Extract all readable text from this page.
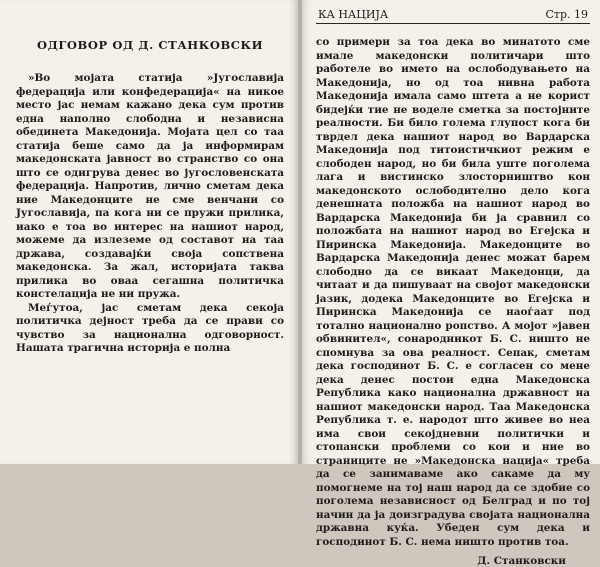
ОДГОВОР ОД Д. СТАНКОВСКИ

»Во мојата статија »Југославија федерација или конфедерација« на никое место јас немам кажано дека сум против една наполно слободна и независна обединета Македонија. Мојата цел со таа статија беше само да ја информирам македонската јавност во странство со она што се одигрува денес во југословенската федерација. Напротив, лично сметам дека ние Македонците не сме венчани со Југославија, па кога ни се пружи прилика, иако е тоа во интерес на нашиот народ, можеме да излеземе од составот на таа држава, создавајќи своја сопствена македонска. За жал, историјата таква прилика во оваа сегашна политичка констелација не ни пружа.

Меѓутоа, јас сметам дека секоја политичка дејност треба да се прави со чувство за национална одговорност. Нашата трагична историја е полна

КА НАЦИЈА	Стр. 19

со примери за тоа дека во минатото сме имале македонски политичари што работеле во името на ослободувањето на Македонија, но од тоа нивна работа Македонија имала само штета а не корист бидејќи тие не воделе сметка за постојните реалности. Би било голема глупост кога би тврдел дека нашиот народ во Вардарска Македонија под титоистичкиот режим е слободен народ, но би била уште поголема лага и вистинско злосторништво кон македонското ослободително дело кога денешната положба на нашиот народ во Вардарска Македонија би ја сравнил со положбата на нашиот народ во Егејска и Пиринска Македонија. Македонците во Вардарска Македонија денес можат барем слободно да се викаат Македонци, да читаат и да пишуваат на својот македонски јазик, додека Македонците во Егејска и Пиринска Македонија се наоѓаат под тотално национално ропство. А мојот »јавен обвинител«, сонародникот Б. С. ништо не спомнува за ова реалност. Сепак, сметам дека господинот Б. С. е согласен со мене дека денес постои една Македонска Република како национална државност на нашиот македонски народ. Таа Македонска Република т. е. народот што живее во неа има свои секојдневни политички и стопански проблеми со кои и ние во страниците не »Македонска нација« треба да се занимаваме ако сакаме да му помогнеме на тој наш народ да се здобие со поголема независност од Белград и по тој начин да ја доизградува својата национална државна куќа. Убеден сум дека и господинот Б. С. нема ништо против тоа.

Д. Станковски
